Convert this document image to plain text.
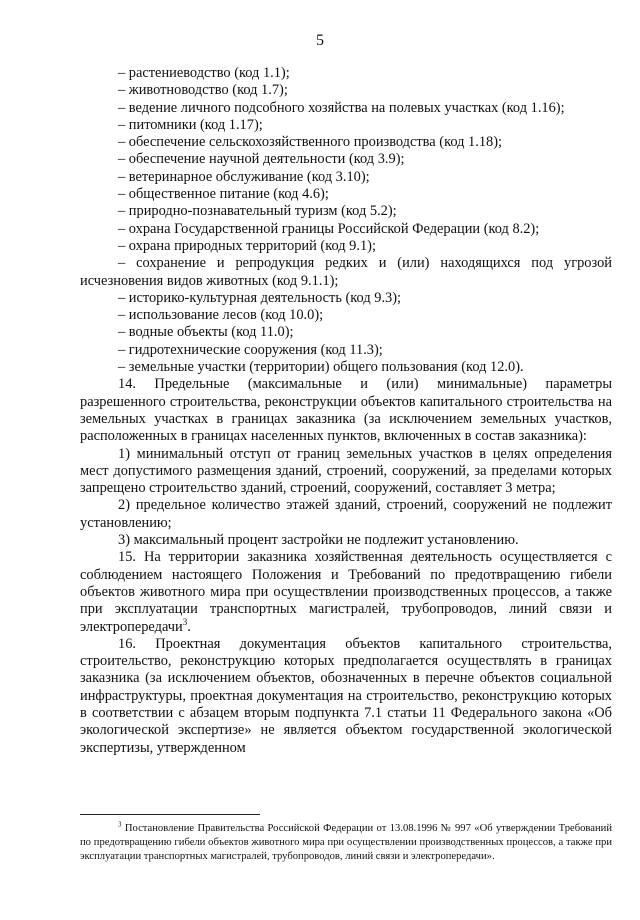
5

– растениеводство (код 1.1);

– животноводство (код 1.7);

– ведение личного подсобного хозяйства на полевых участках (код 1.16);

– питомники (код 1.17);

– обеспечение сельскохозяйственного производства (код 1.18);

– обеспечение научной деятельности (код 3.9);

– ветеринарное обслуживание (код 3.10);

– общественное питание (код 4.6);

– природно-познавательный туризм (код 5.2);

– охрана Государственной границы Российской Федерации (код 8.2);

– охрана природных территорий (код 9.1);

– сохранение и репродукция редких и (или) находящихся под угрозой исчезновения видов животных (код 9.1.1);

– историко-культурная деятельность (код 9.3);

– использование лесов (код 10.0);

– водные объекты (код 11.0);

– гидротехнические сооружения (код 11.3);

– земельные участки (территории) общего пользования (код 12.0).

14. Предельные (максимальные и (или) минимальные) параметры разрешенного строительства, реконструкции объектов капитального строительства на земельных участках в границах заказника (за исключением земельных участков, расположенных в границах населенных пунктов, включенных в состав заказника):

1) минимальный отступ от границ земельных участков в целях определения мест допустимого размещения зданий, строений, сооружений, за пределами которых запрещено строительство зданий, строений, сооружений, составляет 3 метра;

2) предельное количество этажей зданий, строений, сооружений не подлежит установлению;

3) максимальный процент застройки не подлежит установлению.

15. На территории заказника хозяйственная деятельность осуществляется с соблюдением настоящего Положения и Требований по предотвращению гибели объектов животного мира при осуществлении производственных процессов, а также при эксплуатации транспортных магистралей, трубопроводов, линий связи и электропередачи$^3$.

16. Проектная документация объектов капитального строительства, строительство, реконструкцию которых предполагается осуществлять в границах заказника (за исключением объектов, обозначенных в перечне объектов социальной инфраструктуры, проектная документация на строительство, реконструкцию которых в соответствии с абзацем вторым подпункта 7.1 статьи 11 Федерального закона «Об экологической экспертизе» не является объектом государственной экологической экспертизы, утвержденном

$^3$ Постановление Правительства Российской Федерации от 13.08.1996 № 997 «Об утверждении Требований по предотвращению гибели объектов животного мира при осуществлении производственных процессов, а также при эксплуатации транспортных магистралей, трубопроводов, линий связи и электропередачи».
